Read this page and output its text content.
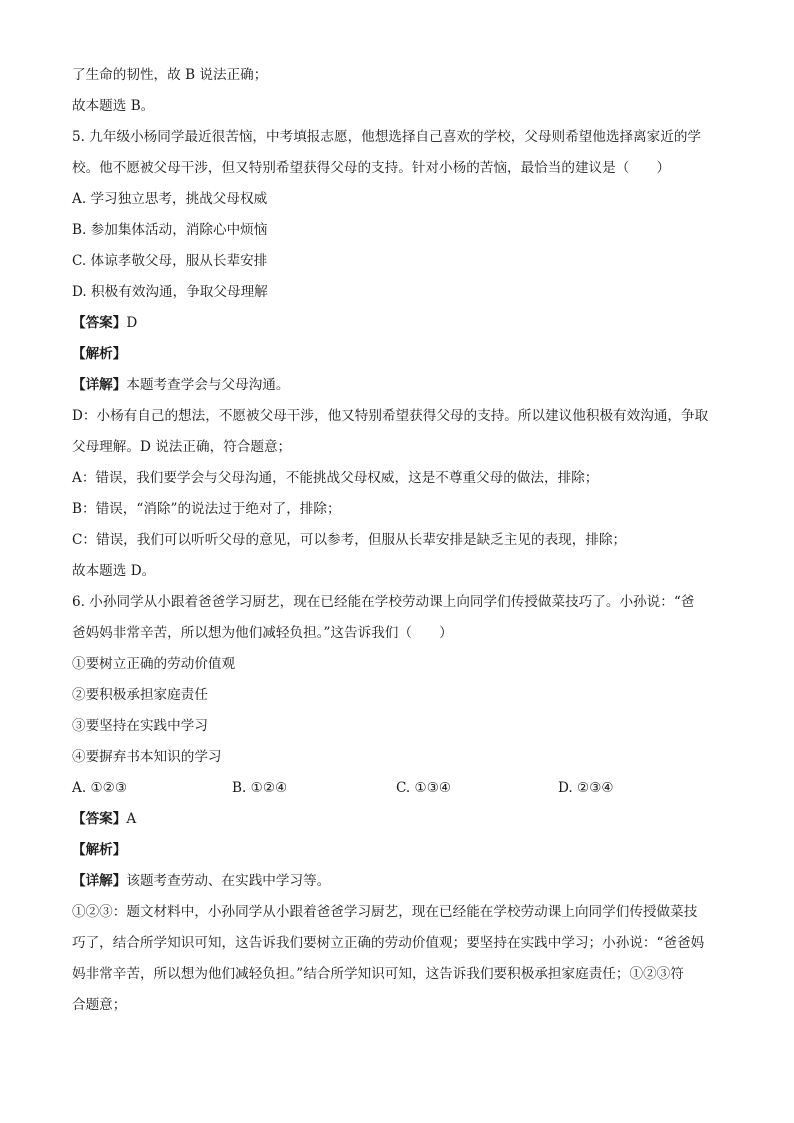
了生命的韧性，故 B 说法正确；
故本题选 B。
5. 九年级小杨同学最近很苦恼，中考填报志愿，他想选择自己喜欢的学校，父母则希望他选择离家近的学
校。他不愿被父母干涉，但又特别希望获得父母的支持。针对小杨的苦恼，最恰当的建议是（　　）
A. 学习独立思考，挑战父母权威
B. 参加集体活动，消除心中烦恼
C. 体谅孝敬父母，服从长辈安排
D. 积极有效沟通，争取父母理解
【答案】D
【解析】
【详解】本题考查学会与父母沟通。
D：小杨有自己的想法，不愿被父母干涉，他又特别希望获得父母的支持。所以建议他积极有效沟通，争取
父母理解。D 说法正确，符合题意；
A：错误，我们要学会与父母沟通，不能挑战父母权威，这是不尊重父母的做法，排除；
B：错误，“消除”的说法过于绝对了，排除；
C：错误，我们可以听听父母的意见，可以参考，但服从长辈安排是缺乏主见的表现，排除；
故本题选 D。
6. 小孙同学从小跟着爸爸学习厨艺，现在已经能在学校劳动课上向同学们传授做菜技巧了。小孙说：“爸
爸妈妈非常辛苦，所以想为他们减轻负担。”这告诉我们（　　）
①要树立正确的劳动价值观
②要积极承担家庭责任
③要坚持在实践中学习
④要摒弃书本知识的学习
A. ①②③	B. ①②④	C. ①③④	D. ②③④
【答案】A
【解析】
【详解】该题考查劳动、在实践中学习等。
①②③：题文材料中，小孙同学从小跟着爸爸学习厨艺，现在已经能在学校劳动课上向同学们传授做菜技
巧了，结合所学知识可知，这告诉我们要树立正确的劳动价值观；要坚持在实践中学习；小孙说：“爸爸妈
妈非常辛苦，所以想为他们减轻负担。”结合所学知识可知，这告诉我们要积极承担家庭责任；①②③符
合题意；
